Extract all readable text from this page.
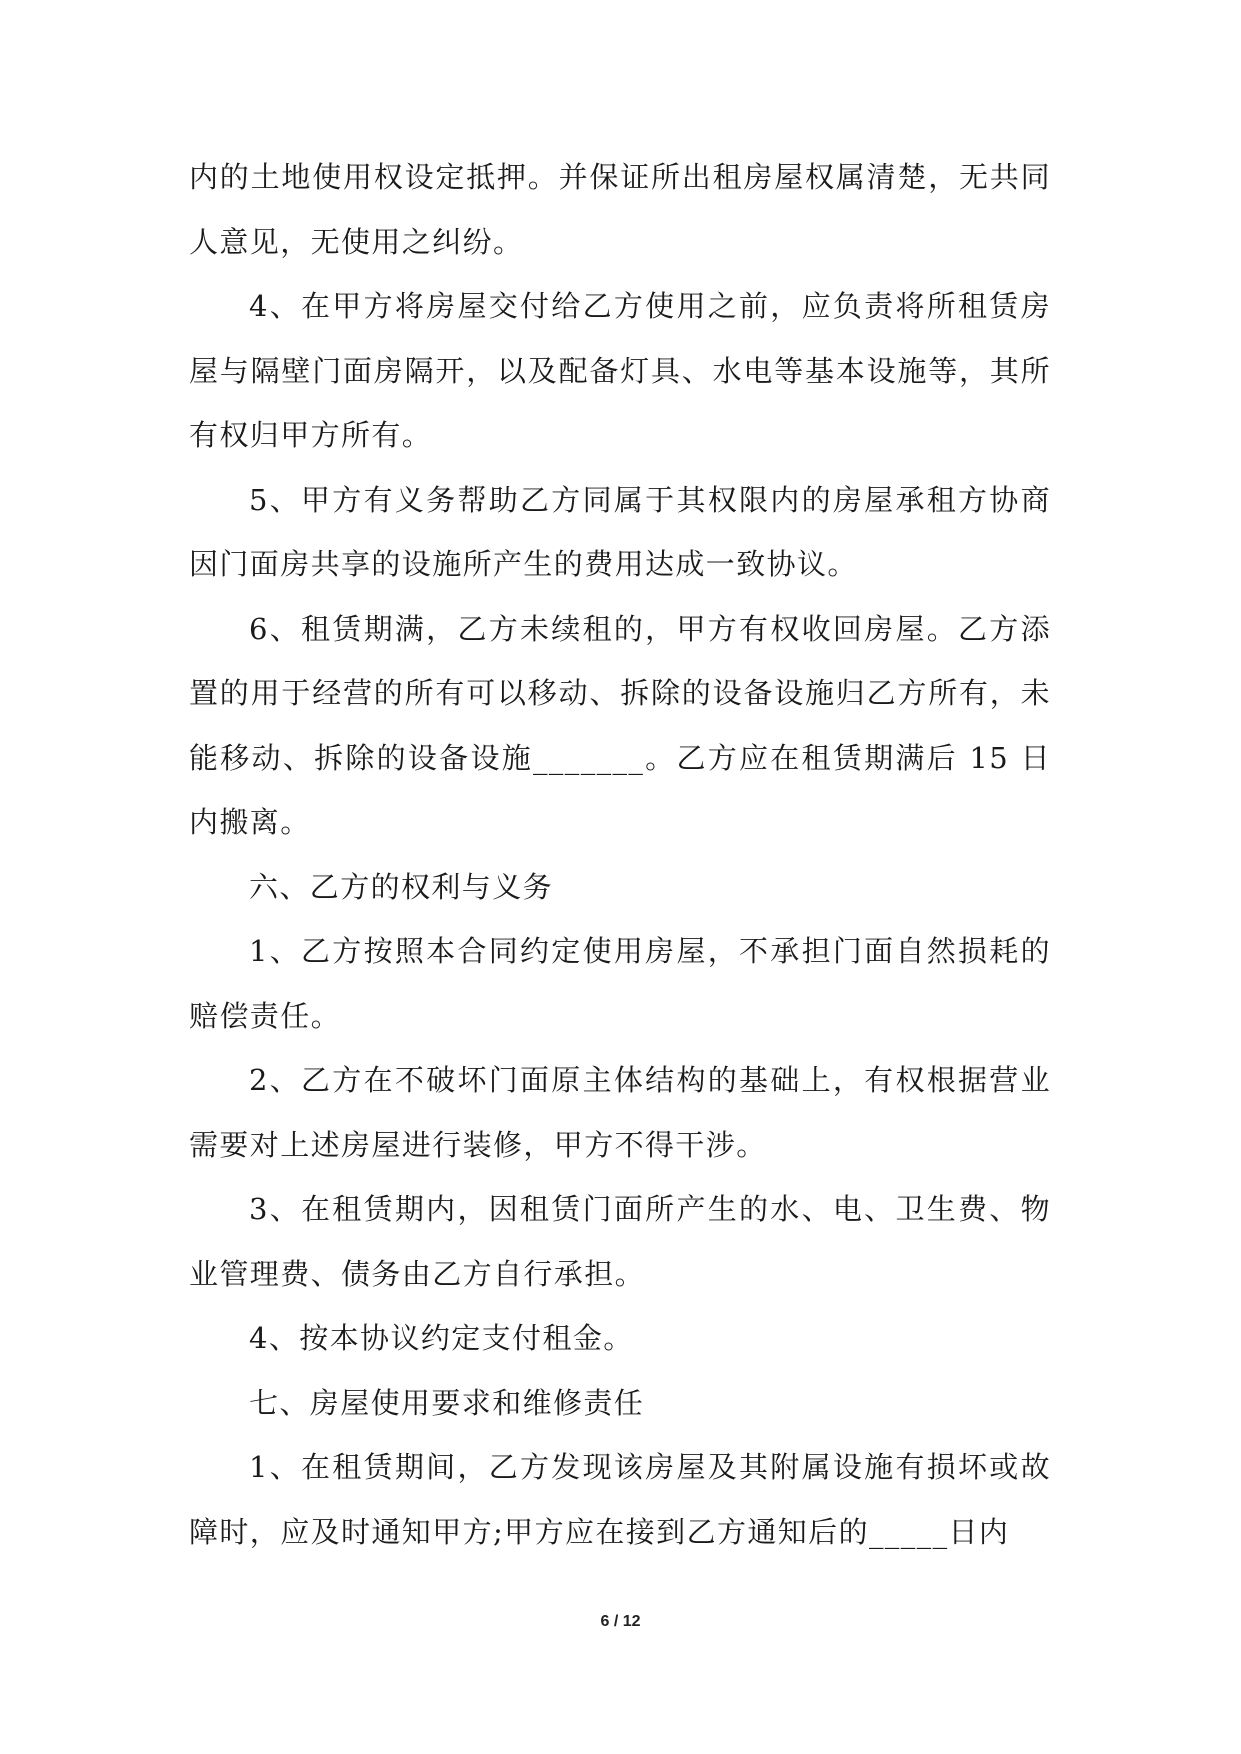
内的土地使用权设定抵押。并保证所出租房屋权属清楚，无共同人意见，无使用之纠纷。

4、在甲方将房屋交付给乙方使用之前，应负责将所租赁房屋与隔壁门面房隔开，以及配备灯具、水电等基本设施等，其所有权归甲方所有。

5、甲方有义务帮助乙方同属于其权限内的房屋承租方协商因门面房共享的设施所产生的费用达成一致协议。

6、租赁期满，乙方未续租的，甲方有权收回房屋。乙方添置的用于经营的所有可以移动、拆除的设备设施归乙方所有，未能移动、拆除的设备设施_______。乙方应在租赁期满后 15 日内搬离。

六、乙方的权利与义务

1、乙方按照本合同约定使用房屋，不承担门面自然损耗的赔偿责任。

2、乙方在不破坏门面原主体结构的基础上，有权根据营业需要对上述房屋进行装修，甲方不得干涉。

3、在租赁期内，因租赁门面所产生的水、电、卫生费、物业管理费、债务由乙方自行承担。

4、按本协议约定支付租金。

七、房屋使用要求和维修责任

1、在租赁期间，乙方发现该房屋及其附属设施有损坏或故障时，应及时通知甲方;甲方应在接到乙方通知后的_____日内

6 / 12
